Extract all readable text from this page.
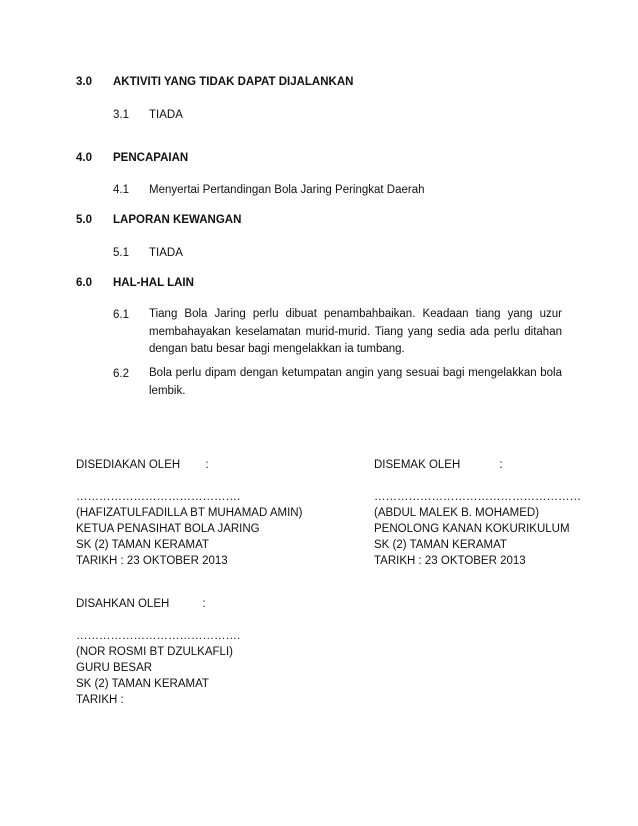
3.0 AKTIVITI YANG TIDAK DAPAT DIJALANKAN
3.1 TIADA
4.0 PENCAPAIAN
4.1 Menyertai Pertandingan Bola Jaring Peringkat Daerah
5.0 LAPORAN KEWANGAN
5.1 TIADA
6.0 HAL-HAL LAIN
6.1 Tiang Bola Jaring perlu dibuat penambahbaikan. Keadaan tiang yang uzur membahayakan keselamatan murid-murid. Tiang yang sedia ada perlu ditahan dengan batu besar bagi mengelakkan ia tumbang.
6.2 Bola perlu dipam dengan ketumpatan angin yang sesuai bagi mengelakkan bola lembik.
DISEDIAKAN OLEH :
…………………………………….
(HAFIZATULFADILLA BT MUHAMAD AMIN)
KETUA PENASIHAT BOLA JARING
SK (2) TAMAN KERAMAT
TARIKH : 23 OKTOBER 2013
DISEMAK OLEH	:
………………………………………………
(ABDUL MALEK B. MOHAMED)
PENOLONG KANAN KOKURIKULUM
SK (2) TAMAN KERAMAT
TARIKH : 23 OKTOBER 2013
DISAHKAN OLEH	:
…………………………………….
(NOR ROSMI BT DZULKAFLI)
GURU BESAR
SK (2) TAMAN KERAMAT
TARIKH :
